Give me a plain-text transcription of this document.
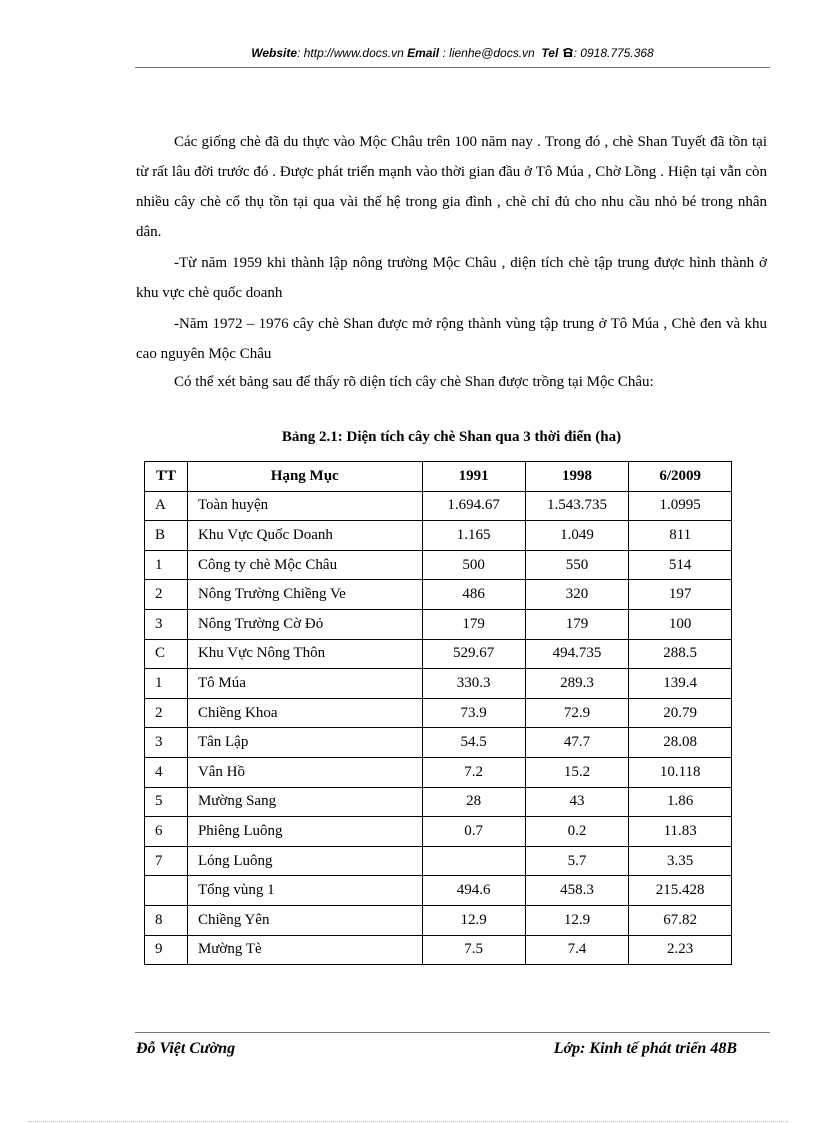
Website: http://www.docs.vn Email : lienhe@docs.vn Tel : 0918.775.368
Các giống chè đã du thực vào Mộc Châu trên 100 năm nay . Trong đó , chè Shan Tuyết đã tồn tại từ rất lâu đời trước đó . Được phát triển mạnh vào thời gian đầu ở Tô Múa , Chờ Lồng . Hiện tại vẫn còn nhiều cây chè cổ thụ tồn tại qua vài thế hệ trong gia đình , chè chỉ đủ cho nhu cầu nhỏ bé trong nhân dân.
-Từ năm 1959 khi thành lập nông trường Mộc Châu , diện tích chè tập trung được hình thành ở khu vực chè quốc doanh
-Năm 1972 – 1976 cây chè Shan được mở rộng thành vùng tập trung ở Tô Múa , Chè đen và khu cao nguyên Mộc Châu
Có thể xét bảng sau để thấy rõ diện tích cây chè Shan được trồng tại Mộc Châu:
Bảng 2.1: Diện tích cây chè Shan qua 3 thời điển (ha)
TT	Hạng Mục	1991	1998	6/2009
A	Toàn huyện	1.694.67	1.543.735	1.0995
B	Khu Vực Quốc Doanh	1.165	1.049	811
1	Công ty chè Mộc Châu	500	550	514
2	Nông Trường Chiềng Ve	486	320	197
3	Nông Trường Cờ Đỏ	179	179	100
C	Khu Vực Nông Thôn	529.67	494.735	288.5
1	Tô Múa	330.3	289.3	139.4
2	Chiềng Khoa	73.9	72.9	20.79
3	Tân Lập	54.5	47.7	28.08
4	Vân Hồ	7.2	15.2	10.118
5	Mường Sang	28	43	1.86
6	Phiêng Luông	0.7	0.2	11.83
7	Lóng Luông		5.7	3.35
	Tổng vùng 1	494.6	458.3	215.428
8	Chiềng Yên	12.9	12.9	67.82
9	Mường Tè	7.5	7.4	2.23
Đỗ Việt Cường	Lớp: Kinh tế phát triển 48B
